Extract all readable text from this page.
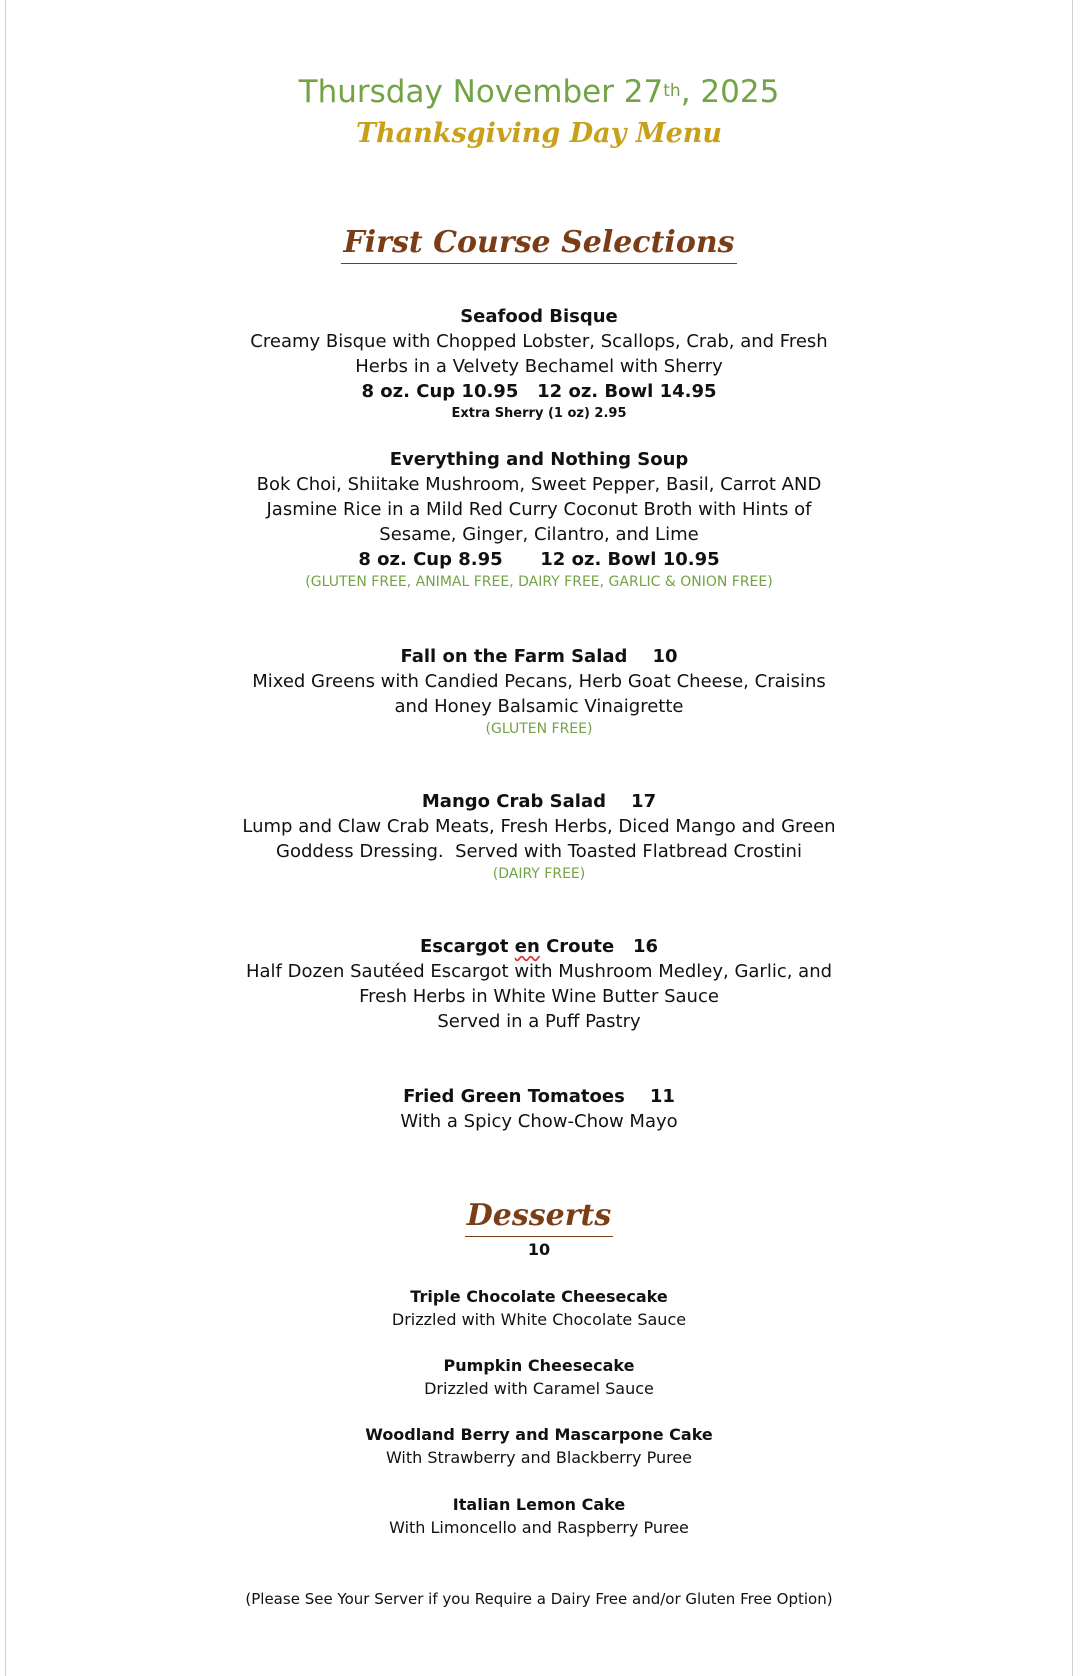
Thursday November 27th, 2025
Thanksgiving Day Menu
First Course Selections
Seafood Bisque
Creamy Bisque with Chopped Lobster, Scallops, Crab, and Fresh
Herbs in a Velvety Bechamel with Sherry
8 oz. Cup 10.95   12 oz. Bowl 14.95
Extra Sherry (1 oz) 2.95
Everything and Nothing Soup
Bok Choi, Shiitake Mushroom, Sweet Pepper, Basil, Carrot AND
Jasmine Rice in a Mild Red Curry Coconut Broth with Hints of
Sesame, Ginger, Cilantro, and Lime
8 oz. Cup 8.95      12 oz. Bowl 10.95
(GLUTEN FREE, ANIMAL FREE, DAIRY FREE, GARLIC & ONION FREE)
Fall on the Farm Salad    10
Mixed Greens with Candied Pecans, Herb Goat Cheese, Craisins
and Honey Balsamic Vinaigrette
(GLUTEN FREE)
Mango Crab Salad    17
Lump and Claw Crab Meats, Fresh Herbs, Diced Mango and Green
Goddess Dressing.  Served with Toasted Flatbread Crostini
(DAIRY FREE)
Escargot en Croute   16
Half Dozen Sautéed Escargot with Mushroom Medley, Garlic, and
Fresh Herbs in White Wine Butter Sauce
Served in a Puff Pastry
Fried Green Tomatoes    11
With a Spicy Chow-Chow Mayo
Desserts
10
Triple Chocolate Cheesecake
Drizzled with White Chocolate Sauce
Pumpkin Cheesecake
Drizzled with Caramel Sauce
Woodland Berry and Mascarpone Cake
With Strawberry and Blackberry Puree
Italian Lemon Cake
With Limoncello and Raspberry Puree
(Please See Your Server if you Require a Dairy Free and/or Gluten Free Option)
